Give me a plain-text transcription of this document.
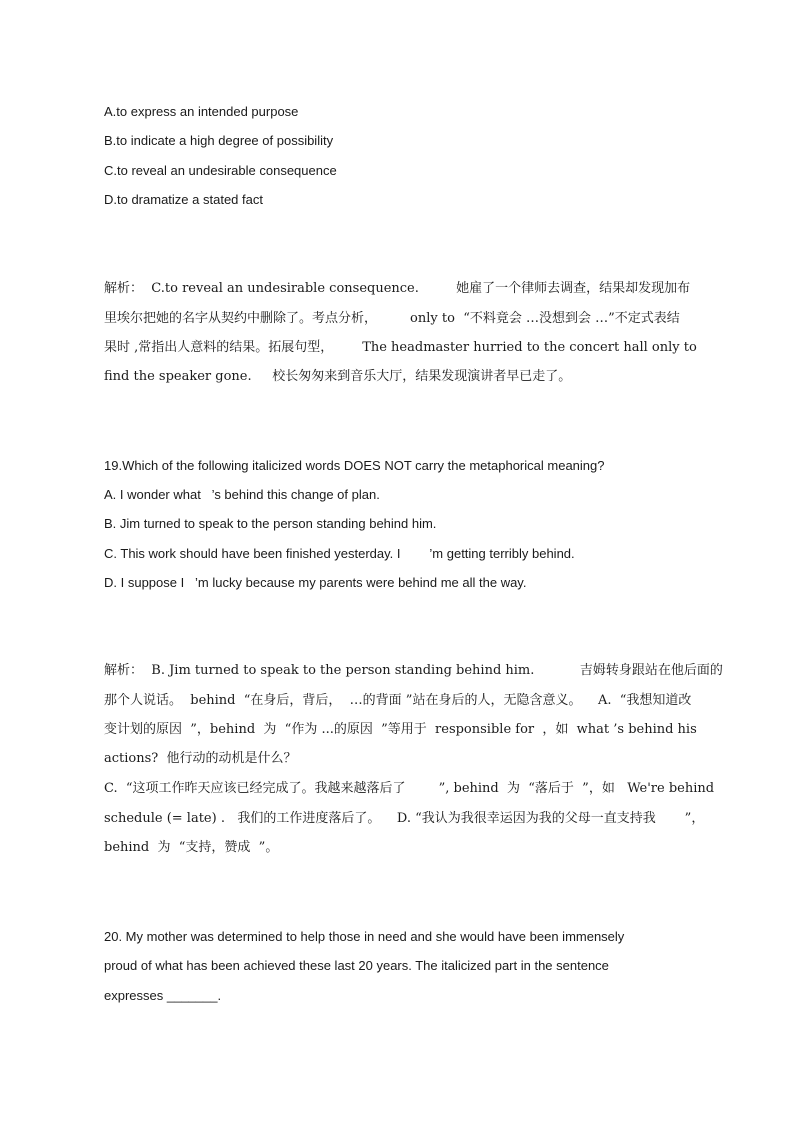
A.to express an intended purpose
B.to indicate a high degree of possibility
C.to reveal an undesirable consequence
D.to dramatize a stated fact
解析：  C.to reveal an undesirable consequence.         她雇了一个律师去调查，结果却发现加布
里埃尔把她的名字从契约中删除了。考点分析，        only to  “不料竟会 …没想到会 …”不定式表结
果时 ,常指出人意料的结果。拓展句型，       The headmaster hurried to the concert hall only to
find the speaker gone.     校长匆匆来到音乐大厅，结果发现演讲者早已走了。
19.Which of the following italicized words DOES NOT carry the metaphorical meaning?
A. I wonder what   ’s behind this change of plan.
B. Jim turned to speak to the person standing behind him.
C. This work should have been finished yesterday. I        ’m getting terribly behind.
D. I suppose I   ’m lucky because my parents were behind me all the way.
解析：  B. Jim turned to speak to the person standing behind him.           吉姆转身跟站在他后面的
那个人说话。  behind  “在身后，背后，  …的背面 ”站在身后的人，无隐含意义。    A.  “我想知道改
变计划的原因  ”，behind  为  “作为 ...的原因  ”等用于  responsible for  ，如  what ’s behind his
actions?  他行动的动机是什么？
C.  “这项工作昨天应该已经完成了。我越来越落后了        ”, behind  为  “落后于  ”，如   We're behind
schedule (= late) .   我们的工作进度落后了。    D. “我认为我很幸运因为我的父母一直支持我       ”，
behind  为  “支持，赞成  ”。
20. My mother was determined to help those in need and she would have been immensely
proud of what has been achieved these last 20 years. The italicized part in the sentence
expresses _______.
